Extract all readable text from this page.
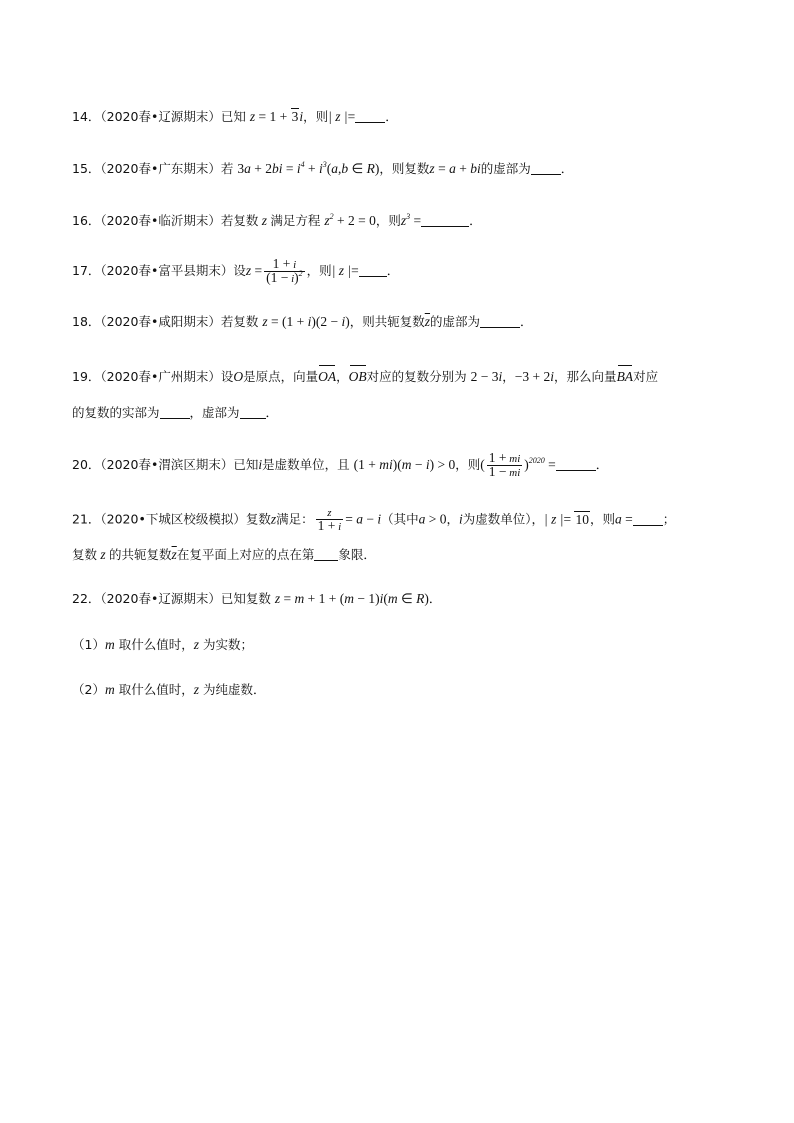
14．（2020春•辽源期末）已知 z = 1 + 3i，则| z |= ．
15．（2020春•广东期末）若 $3a + 2bi = i^4 + i^3(a,b$ ∈ R)，则复数z = a + bi的虚部为 ．
16．（2020春•临沂期末）若复数 z 满足方程 $z^2 + 2 = 0$，则$z^3$ =	．
17．（2020春•富平县期末）设$z = \frac{1 + i}{(1 - i)^2}$ ，则| z |= ．
18．（2020春•咸阳期末）若复数 z = (1 + i)(2 − i)，则共轭复数$\overline{z}$的虚部为	．
19．（2020春•广州期末）设O是原点，向量OA，OB对应的复数分别为 2 − 3i，−3 + 2i，那么向量BA对应
的复数的实部为 ，虚部为 ．
20．（2020春•渭滨区期末）已知i是虚数单位，且 (1 + mi)(m − i) > 0，则( $\frac{1 + mi}{1 - mi} )^{2020}$ =	．
21．（2020•下城区校级模拟）复数z满足： $\frac{z}{1 + i} = a - i$（其中a > 0，i为虚数单位），| z |= 10，则a = ；
复数 z 的共轭复数$\overline{z}$在复平面上对应的点在第 象限．
22．（2020春•辽源期末）已知复数 z = m + 1 + (m − 1)i(m ∈ R)．
（1）m 取什么值时，z 为实数；
（2）m 取什么值时，z 为纯虚数．
